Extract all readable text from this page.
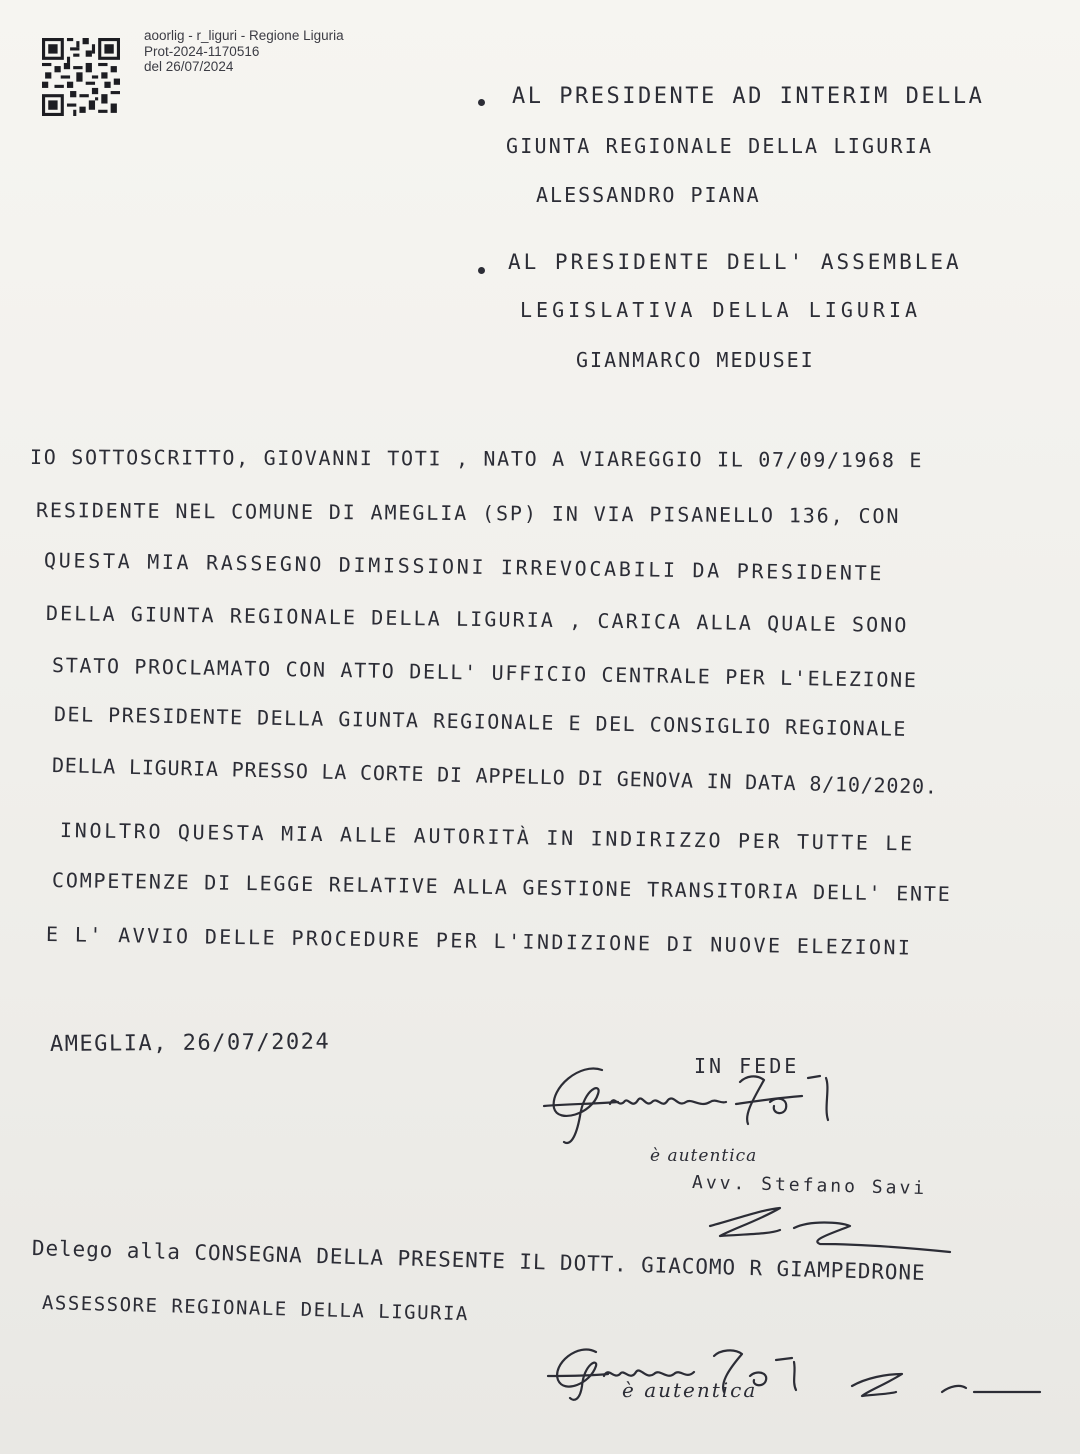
aoorlig - r_liguri - Regione Liguria
Prot-2024-1170516
del 26/07/2024
AL PRESIDENTE AD INTERIM DELLA
GIUNTA REGIONALE DELLA LIGURIA
ALESSANDRO PIANA
AL PRESIDENTE DELL' ASSEMBLEA
LEGISLATIVA DELLA LIGURIA
GIANMARCO MEDUSEI
IO SOTTOSCRITTO, GIOVANNI TOTI , NATO A VIAREGGIO IL 07/09/1968 E
RESIDENTE NEL COMUNE DI AMEGLIA (SP) IN VIA PISANELLO 136, CON
QUESTA MIA RASSEGNO DIMISSIONI IRREVOCABILI DA PRESIDENTE
DELLA GIUNTA REGIONALE DELLA LIGURIA , CARICA ALLA QUALE SONO
STATO PROCLAMATO CON ATTO DELL' UFFICIO CENTRALE PER L'ELEZIONE
DEL PRESIDENTE DELLA GIUNTA REGIONALE E DEL CONSIGLIO REGIONALE
DELLA LIGURIA PRESSO LA CORTE DI APPELLO DI GENOVA IN DATA 8/10/2020.
INOLTRO QUESTA MIA ALLE AUTORITÀ IN INDIRIZZO PER TUTTE LE
COMPETENZE DI LEGGE RELATIVE ALLA GESTIONE TRANSITORIA DELL' ENTE
E L' AVVIO DELLE PROCEDURE PER L'INDIZIONE DI NUOVE ELEZIONI
AMEGLIA, 26/07/2024
IN FEDE
è autentica
Avv. Stefano Savi
Delego alla CONSEGNA DELLA PRESENTE IL DOTT. GIACOMO R GIAMPEDRONE
ASSESSORE REGIONALE DELLA LIGURIA
è autentica
